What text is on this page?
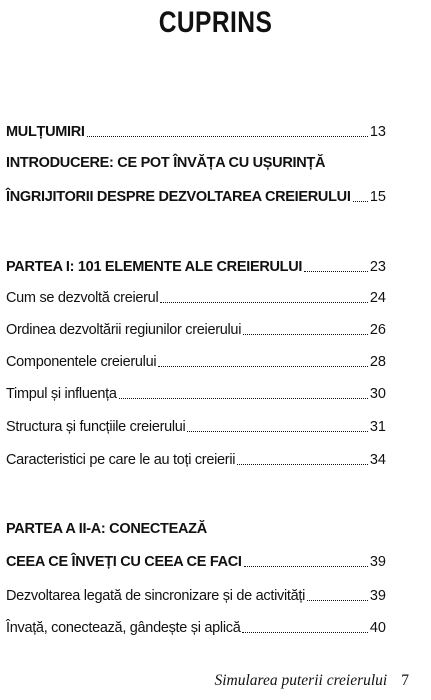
CUPRINS
MULȚUMIRI	13
INTRODUCERE: CE POT ÎNVĂȚA CU UȘURINȚĂ
ÎNGRIJITORII DESPRE DEZVOLTAREA CREIERULUI 15
PARTEA I: 101 ELEMENTE ALE CREIERULUI	23
Cum se dezvoltă creierul	24
Ordinea dezvoltării regiunilor creierului	26
Componentele creierului	28
Timpul și influența	30
Structura și funcțiile creierului	31
Caracteristici pe care le au toți creierii	34
PARTEA A II-A: CONECTEAZĂ
CEEA CE ÎNVEȚI CU CEEA CE FACI	39
Dezvoltarea legată de sincronizare și de activități	39
Învață, conectează, gândește și aplică	40
Simularea puterii creierului 7
